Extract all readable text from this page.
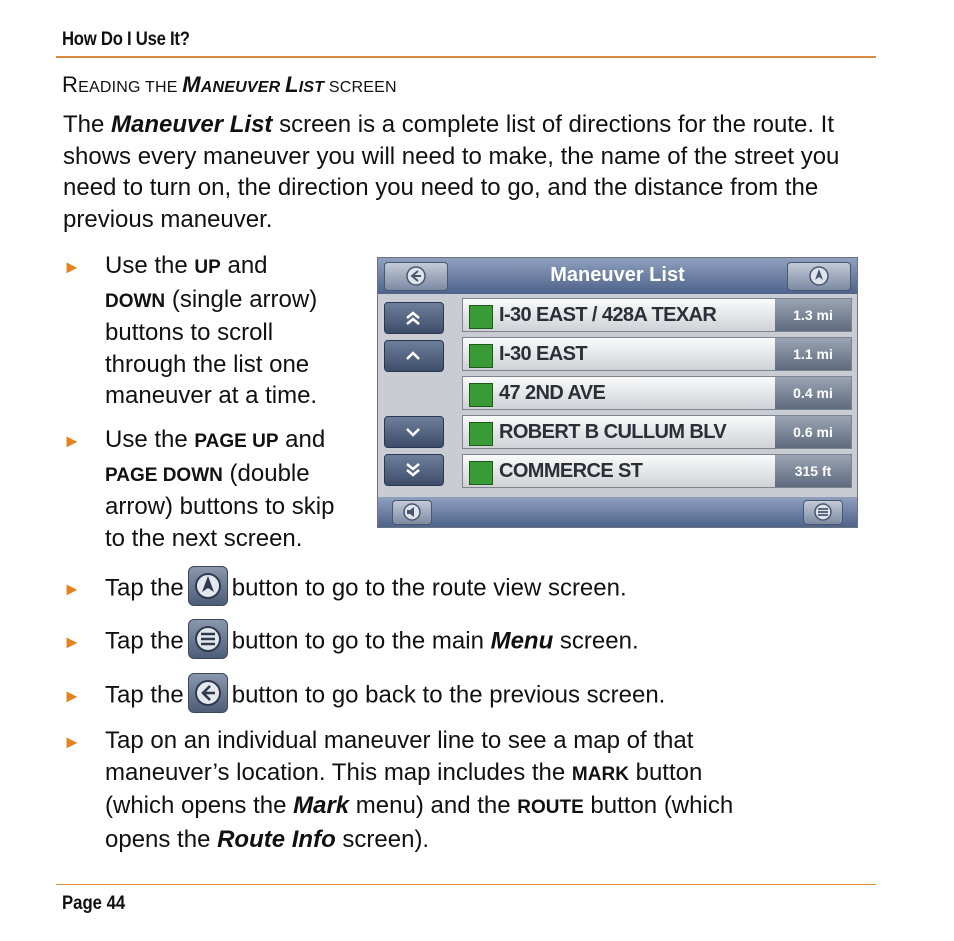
How Do I Use It?
READING THE MANEUVER LIST SCREEN
The Maneuver List screen is a complete list of directions for the route. It shows every maneuver you will need to make, the name of the street you need to turn on, the direction you need to go, and the distance from the previous maneuver.
► Use the UP and
DOWN (single arrow)
buttons to scroll
through the list one
maneuver at a time.
► Use the PAGE UP and
PAGE DOWN (double
arrow) buttons to skip
to the next screen.
Maneuver List
I-30 EAST / 428A TEXAR	1.3 mi
I-30 EAST	1.1 mi
47 2ND AVE	0.4 mi
ROBERT B CULLUM BLV	0.6 mi
COMMERCE ST	315 ft
► Tap the button to go to the route view screen.
► Tap the button to go to the main Menu screen.
► Tap the button to go back to the previous screen.
► Tap on an individual maneuver line to see a map of that
maneuver’s location. This map includes the MARK button
(which opens the Mark menu) and the ROUTE button (which
opens the Route Info screen).
Page 44
